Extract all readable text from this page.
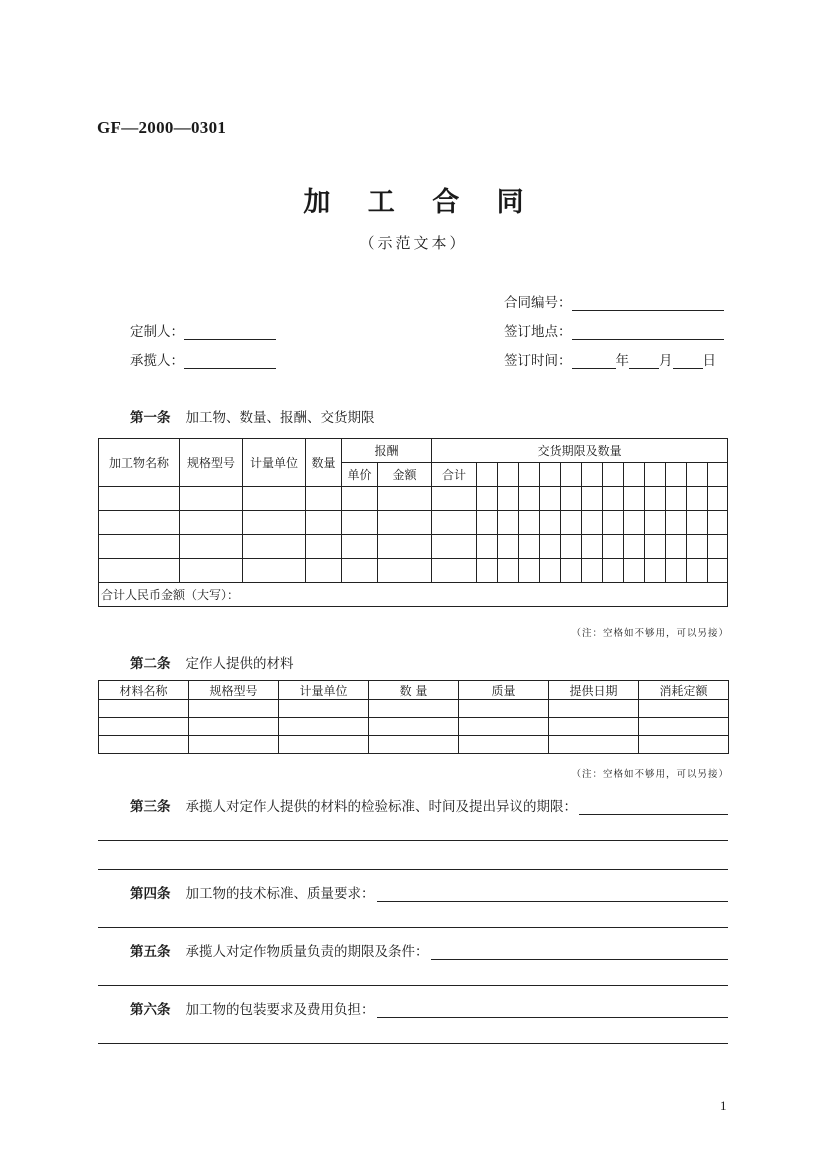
GF—2000—0301
加 工 合 同
（示范文本）
合同编号：
定制人：	签订地点：
承揽人：	签订时间：	年 月 日
第一条 加工物、数量、报酬、交货期限
加工物名称	规格型号	计量单位	数量	报酬		交货期限及数量												
				单价	金额	合计												

合计人民币金额（大写）：																		
（注：空格如不够用，可以另接）
第二条 定作人提供的材料
材料名称	规格型号	计量单位	数 量	质量	提供日期	消耗定额

（注：空格如不够用，可以另接）
第三条 承揽人对定作人提供的材料的检验标准、时间及提出异议的期限：
第四条 加工物的技术标准、质量要求：
第五条 承揽人对定作物质量负责的期限及条件：
第六条 加工物的包装要求及费用负担：
1
